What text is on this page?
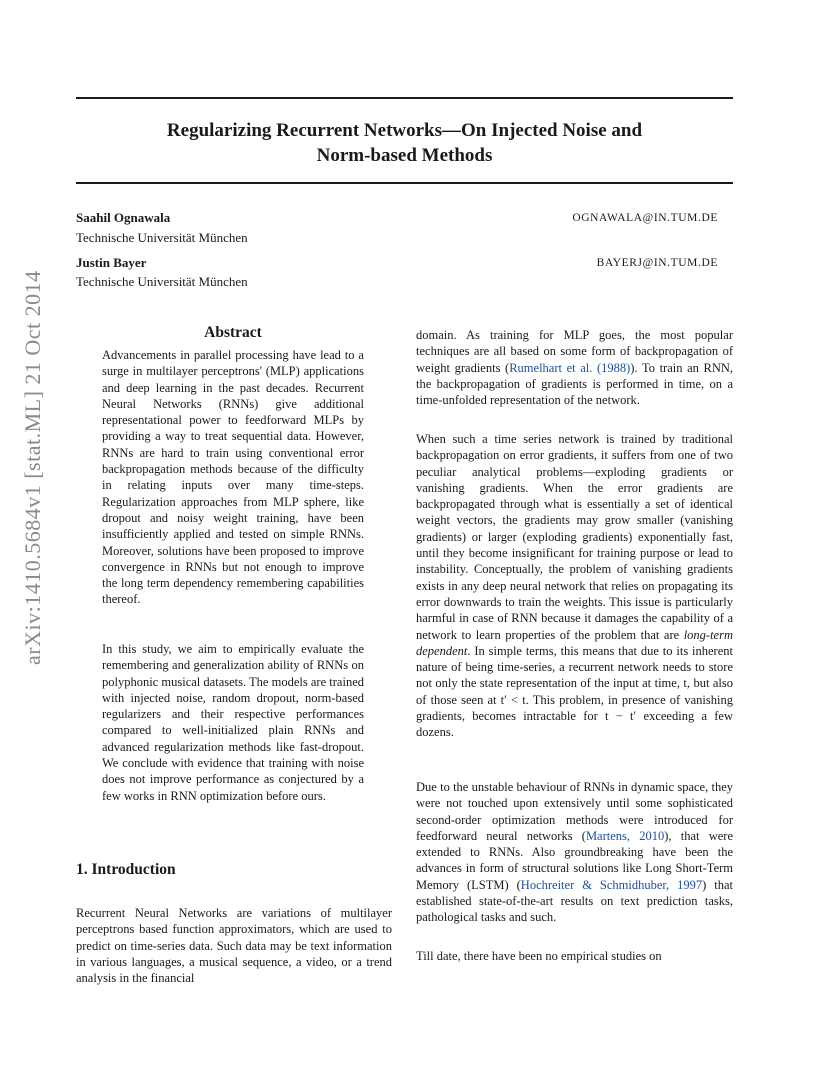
Regularizing Recurrent Networks—On Injected Noise and
Norm-based Methods
Saahil Ognawala
Technische Universität München
OGNAWALA@IN.TUM.DE
Justin Bayer
Technische Universität München
BAYERJ@IN.TUM.DE
arXiv:1410.5684v1 [stat.ML] 21 Oct 2014	Abstract

Advancements in parallel processing have lead to a surge in multilayer perceptrons' (MLP) applications and deep learning in the past decades. Recurrent Neural Networks (RNNs) give additional representational power to feedforward MLPs by providing a way to treat sequential data. However, RNNs are hard to train using conventional error backpropagation methods because of the difficulty in relating inputs over many time-steps. Regularization approaches from MLP sphere, like dropout and noisy weight training, have been insufficiently applied and tested on simple RNNs. Moreover, solutions have been proposed to improve convergence in RNNs but not enough to improve the long term dependency remembering capabilities thereof.

In this study, we aim to empirically evaluate the remembering and generalization ability of RNNs on polyphonic musical datasets. The models are trained with injected noise, random dropout, norm-based regularizers and their respective performances compared to well-initialized plain RNNs and advanced regularization methods like fast-dropout. We conclude with evidence that training with noise does not improve performance as conjectured by a few works in RNN optimization before ours.

1. Introduction
Recurrent Neural Networks are variations of multilayer perceptrons based function approximators, which are used to predict on time-series data. Such data may be text information in various languages, a musical sequence, a video, or a trend analysis in the financial

domain. As training for MLP goes, the most popular techniques are all based on some form of backpropagation of weight gradients (Rumelhart et al. (1988)). To train an RNN, the backpropagation of gradients is performed in time, on a time-unfolded representation of the network.

When such a time series network is trained by traditional backpropagation on error gradients, it suffers from one of two peculiar analytical problems—exploding gradients or vanishing gradients. When the error gradients are backpropagated through what is essentially a set of identical weight vectors, the gradients may grow smaller (vanishing gradients) or larger (exploding gradients) exponentially fast, until they become insignificant for training purpose or lead to instability. Conceptually, the problem of vanishing gradients exists in any deep neural network that relies on propagating its error downwards to train the weights. This issue is particularly harmful in case of RNN because it damages the capability of a network to learn properties of the problem that are long-term dependent. In simple terms, this means that due to its inherent nature of being time-series, a recurrent network needs to store not only the state representation of the input at time, t, but also of those seen at t′ < t. This problem, in presence of vanishing gradients, becomes intractable for t − t′ exceeding a few dozens.

Due to the unstable behaviour of RNNs in dynamic space, they were not touched upon extensively until some sophisticated second-order optimization methods were introduced for feedforward neural networks (Martens, 2010), that were extended to RNNs. Also groundbreaking have been the advances in form of structural solutions like Long Short-Term Memory (LSTM) (Hochreiter & Schmidhuber, 1997) that established state-of-the-art results on text prediction tasks, pathological tasks and such.

Till date, there have been no empirical studies on
